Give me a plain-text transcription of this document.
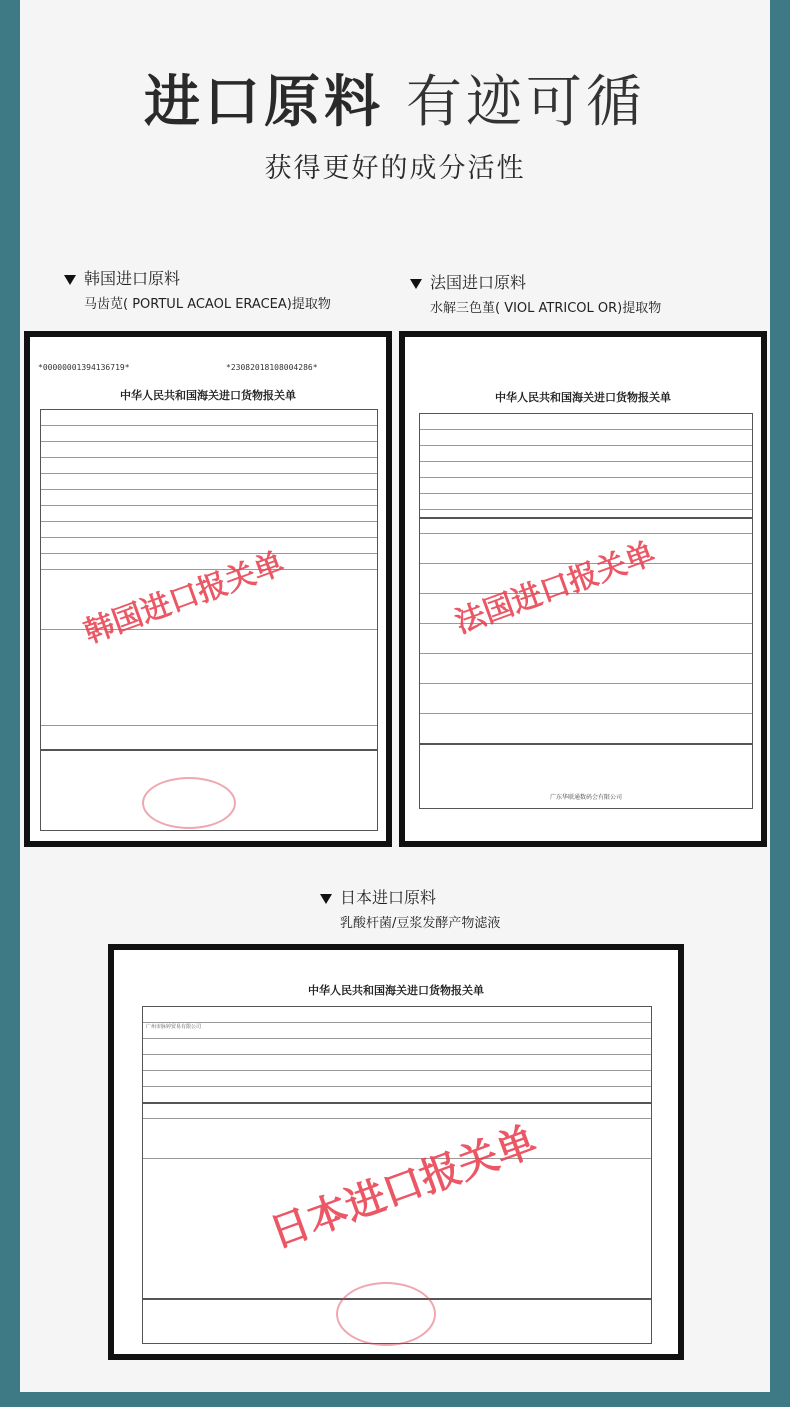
进口原料 有迹可循
获得更好的成分活性
韩国进口原料
马齿苋( PORTUL ACAOL ERACEA)提取物
*00000001394136719*	*23082018108004286*
中华人民共和国海关进口货物报关单
韩国进口报关单
法国进口原料
水解三色堇( VIOL ATRICOL OR)提取物
中华人民共和国海关进口货物报关单
广东华联通数码会有限公司
法国进口报关单
日本进口原料
乳酸杆菌/豆浆发酵产物滤液
中华人民共和国海关进口货物报关单
广州市脉婷贸易有限公司
日本进口报关单
